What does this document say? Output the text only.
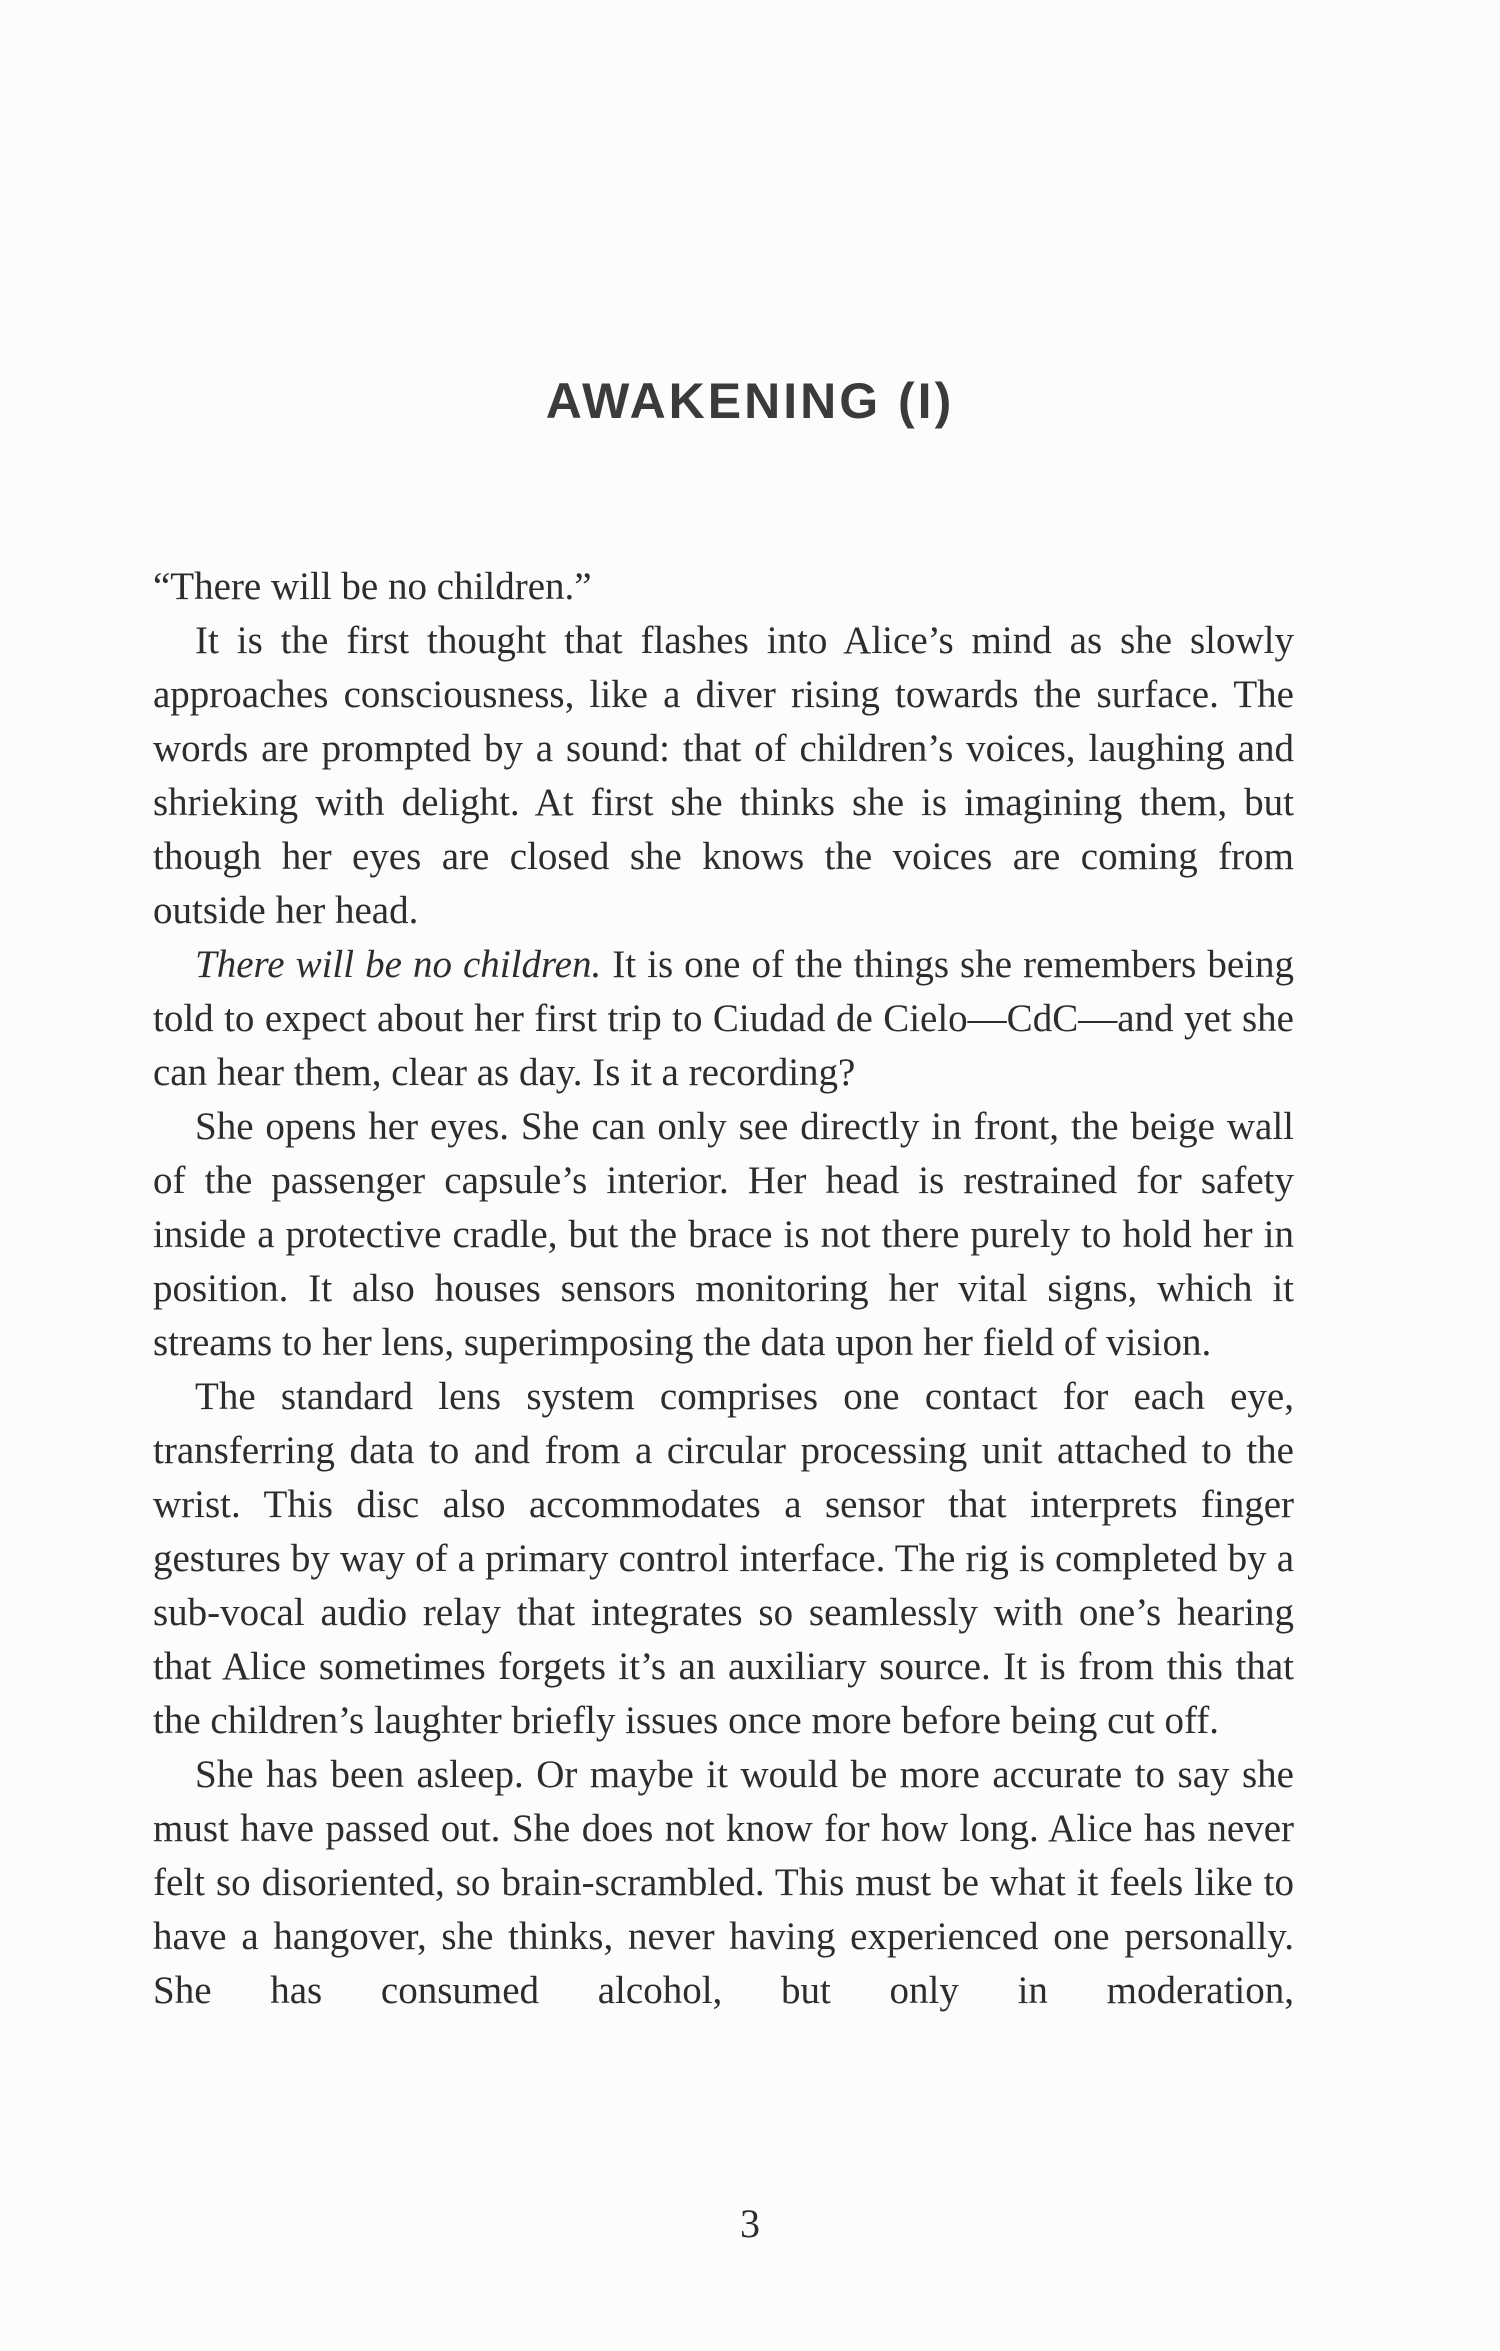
AWAKENING (I)

“There will be no children.”

It is the first thought that flashes into Alice’s mind as she slowly approaches consciousness, like a diver rising towards the surface. The words are prompted by a sound: that of children’s voices, laughing and shrieking with delight. At first she thinks she is imagining them, but though her eyes are closed she knows the voices are coming from outside her head.

There will be no children. It is one of the things she remembers being told to expect about her first trip to Ciudad de Cielo—CdC—and yet she can hear them, clear as day. Is it a recording?

She opens her eyes. She can only see directly in front, the beige wall of the passenger capsule’s interior. Her head is restrained for safety inside a protective cradle, but the brace is not there purely to hold her in position. It also houses sensors monitoring her vital signs, which it streams to her lens, superimposing the data upon her field of vision.

The standard lens system comprises one contact for each eye, transferring data to and from a circular processing unit attached to the wrist. This disc also accommodates a sensor that interprets finger gestures by way of a primary control interface. The rig is completed by a sub-vocal audio relay that integrates so seamlessly with one’s hearing that Alice sometimes forgets it’s an auxiliary source. It is from this that the children’s laughter briefly issues once more before being cut off.

She has been asleep. Or maybe it would be more accurate to say she must have passed out. She does not know for how long. Alice has never felt so disoriented, so brain-scrambled. This must be what it feels like to have a hangover, she thinks, never having experienced one personally. She has consumed alcohol, but only in moderation,

3
